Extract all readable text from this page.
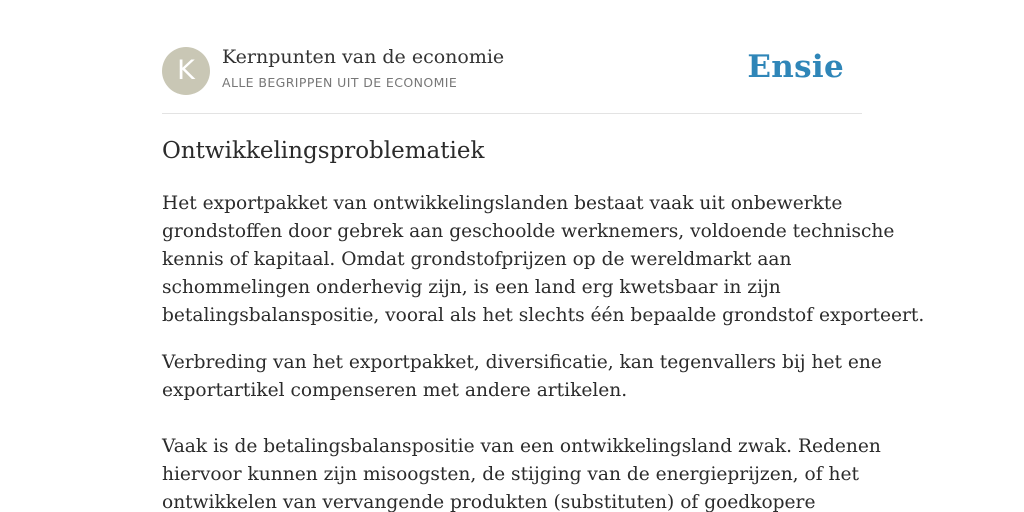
K	Kernpunten van de economie
ALLE BEGRIPPEN UIT DE ECONOMIE	Ensie
Ontwikkelingsproblematiek

Het exportpakket van ontwikkelingslanden bestaat vaak uit onbewerkte
grondstoffen door gebrek aan geschoolde werknemers, voldoende technische
kennis of kapitaal. Omdat grondstofprijzen op de wereldmarkt aan
schommelingen onderhevig zijn, is een land erg kwetsbaar in zijn
betalingsbalanspositie, vooral als het slechts één bepaalde grondstof exporteert.

Verbreding van het exportpakket, diversificatie, kan tegenvallers bij het ene
exportartikel compenseren met andere artikelen.

Vaak is de betalingsbalanspositie van een ontwikkelingsland zwak. Redenen
hiervoor kunnen zijn misoogsten, de stijging van de energieprijzen, of het
ontwikkelen van vervangende produkten (substituten) of goedkopere
